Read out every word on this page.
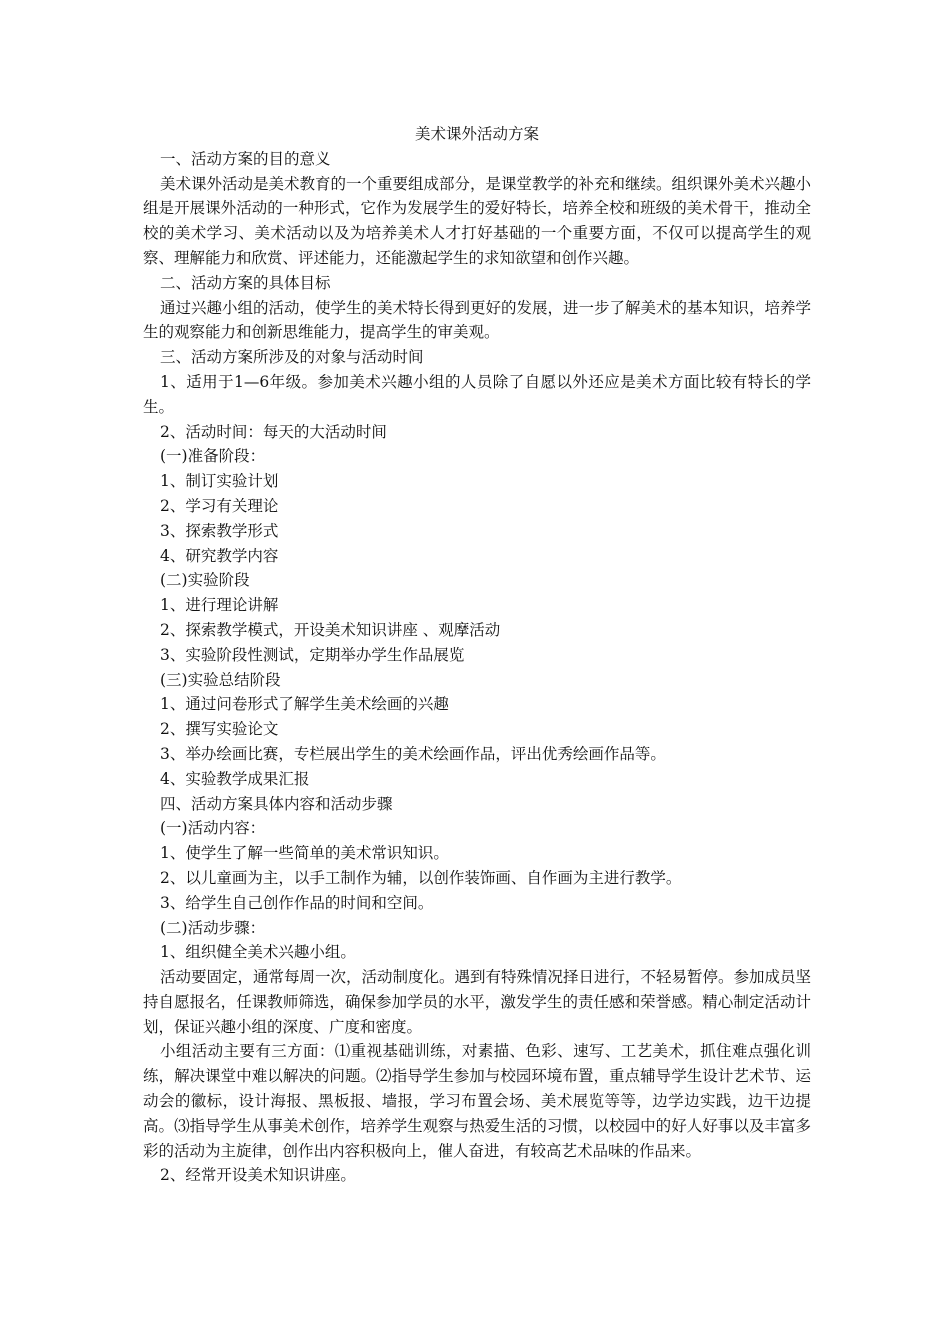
美术课外活动方案

一、活动方案的目的意义

美术课外活动是美术教育的一个重要组成部分，是课堂教学的补充和继续。组织课外美术兴趣小组是开展课外活动的一种形式，它作为发展学生的爱好特长，培养全校和班级的美术骨干，推动全校的美术学习、美术活动以及为培养美术人才打好基础的一个重要方面，不仅可以提高学生的观察、理解能力和欣赏、评述能力，还能激起学生的求知欲望和创作兴趣。

二、活动方案的具体目标

通过兴趣小组的活动，使学生的美术特长得到更好的发展，进一步了解美术的基本知识，培养学生的观察能力和创新思维能力，提高学生的审美观。

三、活动方案所涉及的对象与活动时间

1、适用于1—6年级。参加美术兴趣小组的人员除了自愿以外还应是美术方面比较有特长的学生。

2、活动时间：每天的大活动时间

(一)准备阶段：

1、制订实验计划

2、学习有关理论

3、探索教学形式

4、研究教学内容

(二)实验阶段

1、进行理论讲解

2、探索教学模式，开设美术知识讲座 、观摩活动

3、实验阶段性测试，定期举办学生作品展览

(三)实验总结阶段

1、通过问卷形式了解学生美术绘画的兴趣

2、撰写实验论文

3、举办绘画比赛，专栏展出学生的美术绘画作品，评出优秀绘画作品等。

4、实验教学成果汇报

四、活动方案具体内容和活动步骤

(一)活动内容：

1、使学生了解一些简单的美术常识知识。

2、以儿童画为主，以手工制作为辅，以创作装饰画、自作画为主进行教学。

3、给学生自己创作作品的时间和空间。

(二)活动步骤：

1、组织健全美术兴趣小组。

活动要固定，通常每周一次，活动制度化。遇到有特殊情况择日进行，不轻易暂停。参加成员坚持自愿报名，任课教师筛选，确保参加学员的水平，激发学生的责任感和荣誉感。精心制定活动计划，保证兴趣小组的深度、广度和密度。

小组活动主要有三方面：⑴重视基础训练，对素描、色彩、速写、工艺美术，抓住难点强化训练，解决课堂中难以解决的问题。⑵指导学生参加与校园环境布置，重点辅导学生设计艺术节、运动会的徽标，设计海报、黑板报、墙报，学习布置会场、美术展览等等，边学边实践，边干边提高。⑶指导学生从事美术创作，培养学生观察与热爱生活的习惯，以校园中的好人好事以及丰富多彩的活动为主旋律，创作出内容积极向上，催人奋进，有较高艺术品味的作品来。

2、经常开设美术知识讲座。
